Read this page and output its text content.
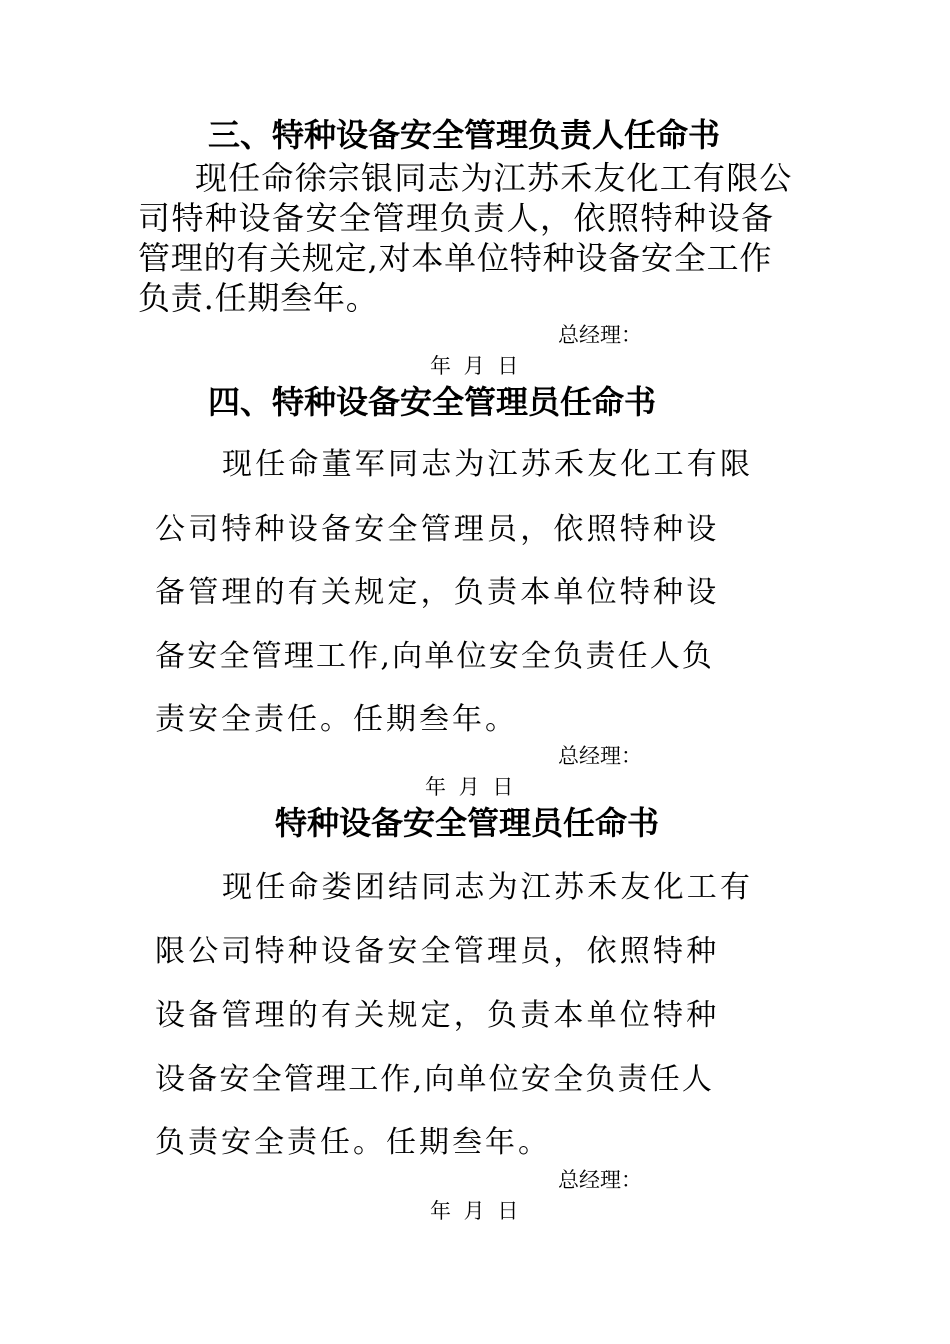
三、特种设备安全管理负责人任命书
现任命徐宗银同志为江苏禾友化工有限公
司特种设备安全管理负责人，依照特种设备
管理的有关规定,对本单位特种设备安全工作
负责.任期叁年。
总经理：
年 月 日
四、特种设备安全管理员任命书
现任命董军同志为江苏禾友化工有限
公司特种设备安全管理员，依照特种设
备管理的有关规定，负责本单位特种设
备安全管理工作,向单位安全负责任人负
责安全责任。任期叁年。
总经理：
年 月 日
特种设备安全管理员任命书
现任命娄团结同志为江苏禾友化工有
限公司特种设备安全管理员，依照特种
设备管理的有关规定，负责本单位特种
设备安全管理工作,向单位安全负责任人
负责安全责任。任期叁年。
总经理：
年 月 日
